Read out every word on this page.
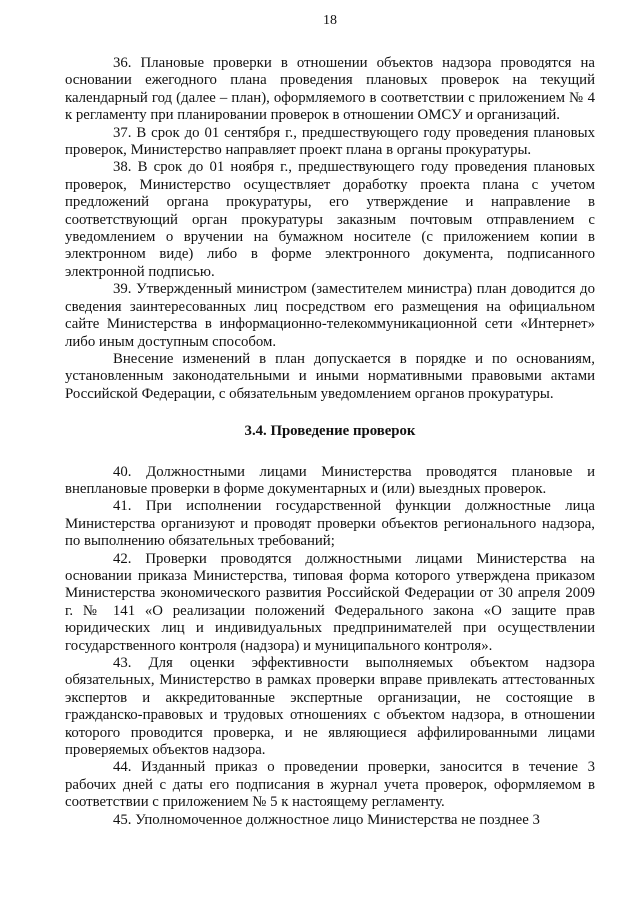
18

36. Плановые проверки в отношении объектов надзора проводятся на основании ежегодного плана проведения плановых проверок на текущий календарный год (далее – план), оформляемого в соответствии с приложением № 4 к регламенту при планировании проверок в отношении ОМСУ и организаций.

37. В срок до 01 сентября г., предшествующего году проведения плановых проверок, Министерство направляет проект плана в органы прокуратуры.

38. В срок до 01 ноября г., предшествующего году проведения плановых проверок, Министерство осуществляет доработку проекта плана с учетом предложений органа прокуратуры, его утверждение и направление в соответствующий орган прокуратуры заказным почтовым отправлением с уведомлением о вручении на бумажном носителе (с приложением копии в электронном виде) либо в форме электронного документа, подписанного электронной подписью.

39. Утвержденный министром (заместителем министра) план доводится до сведения заинтересованных лиц посредством его размещения на официальном сайте Министерства в информационно-телекоммуникационной сети «Интернет» либо иным доступным способом.

Внесение изменений в план допускается в порядке и по основаниям, установленным законодательными и иными нормативными правовыми актами Российской Федерации, с обязательным уведомлением органов прокуратуры.

3.4. Проведение проверок

40. Должностными лицами Министерства проводятся плановые и внеплановые проверки в форме документарных и (или) выездных проверок.

41. При исполнении государственной функции должностные лица Министерства организуют и проводят проверки объектов регионального надзора, по выполнению обязательных требований;

42. Проверки проводятся должностными лицами Министерства на основании приказа Министерства, типовая форма которого утверждена приказом Министерства экономического развития Российской Федерации от 30 апреля 2009 г. № 141 «О реализации положений Федерального закона «О защите прав юридических лиц и индивидуальных предпринимателей при осуществлении государственного контроля (надзора) и муниципального контроля».

43. Для оценки эффективности выполняемых объектом надзора обязательных, Министерство в рамках проверки вправе привлекать аттестованных экспертов и аккредитованные экспертные организации, не состоящие в гражданско-правовых и трудовых отношениях с объектом надзора, в отношении которого проводится проверка, и не являющиеся аффилированными лицами проверяемых объектов надзора.

44. Изданный приказ о проведении проверки, заносится в течение 3 рабочих дней с даты его подписания в журнал учета проверок, оформляемом в соответствии с приложением № 5 к настоящему регламенту.

45. Уполномоченное должностное лицо Министерства не позднее 3
